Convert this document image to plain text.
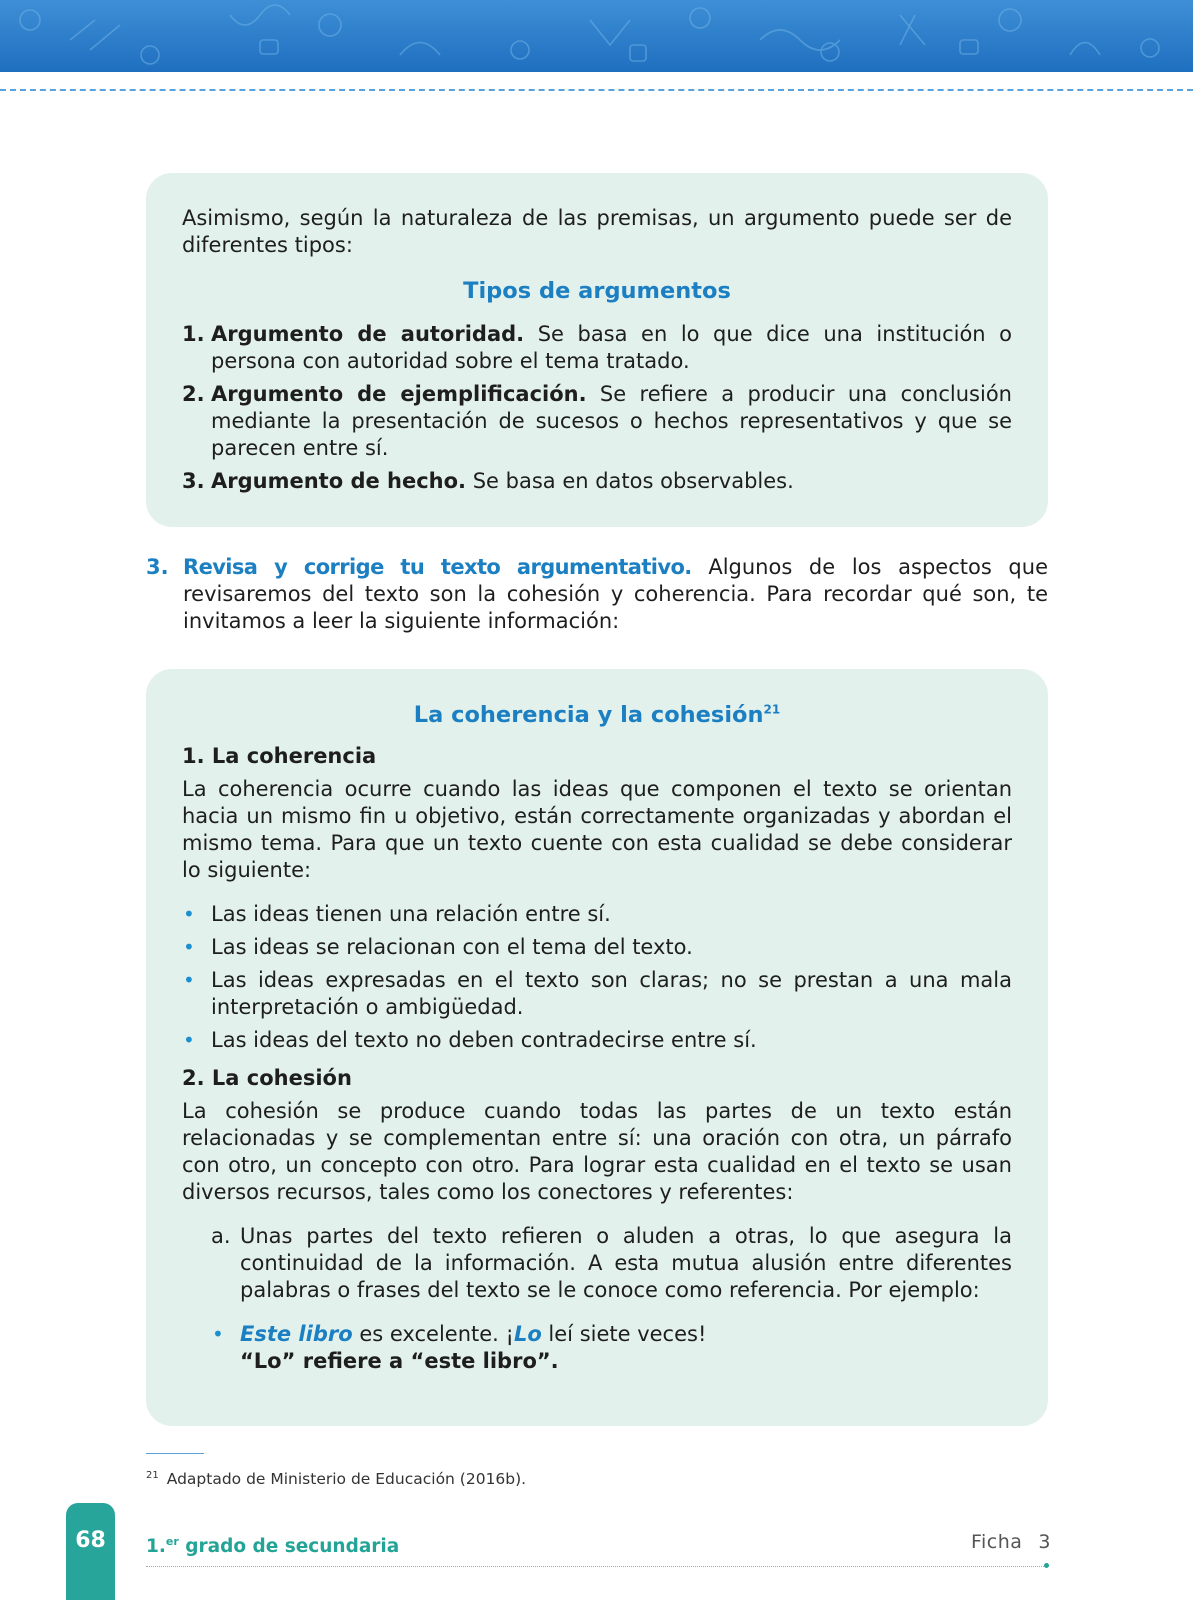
Asimismo, según la naturaleza de las premisas, un argumento puede ser de diferentes tipos:

Tipos de argumentos

1. Argumento de autoridad. Se basa en lo que dice una institución o persona con autoridad sobre el tema tratado.
2. Argumento de ejemplificación. Se refiere a producir una conclusión mediante la presentación de sucesos o hechos representativos y que se parecen entre sí.
3. Argumento de hecho. Se basa en datos observables.
3. Revisa y corrige tu texto argumentativo. Algunos de los aspectos que revisaremos del texto son la cohesión y coherencia. Para recordar qué son, te invitamos a leer la siguiente información:

La coherencia y la cohesión$^{21}$

1. La coherencia

La coherencia ocurre cuando las ideas que componen el texto se orientan hacia un mismo fin u objetivo, están correctamente organizadas y abordan el mismo tema. Para que un texto cuente con esta cualidad se debe considerar lo siguiente:

• Las ideas tienen una relación entre sí.
• Las ideas se relacionan con el tema del texto.
• Las ideas expresadas en el texto son claras; no se prestan a una mala interpretación o ambigüedad.
• Las ideas del texto no deben contradecirse entre sí.

2. La cohesión

La cohesión se produce cuando todas las partes de un texto están relacionadas y se complementan entre sí: una oración con otra, un párrafo con otro, un concepto con otro. Para lograr esta cualidad en el texto se usan diversos recursos, tales como los conectores y referentes:

a. Unas partes del texto refieren o aluden a otras, lo que asegura la continuidad de la información. A esta mutua alusión entre diferentes palabras o frases del texto se le conoce como referencia. Por ejemplo:
• Este libro es excelente. ¡Lo leí siete veces!
“Lo” refiere a “este libro”.
$^{21}$ Adaptado de Ministerio de Educación (2016b).
68	1.$^{er}$ grado de secundaria	Ficha 3
